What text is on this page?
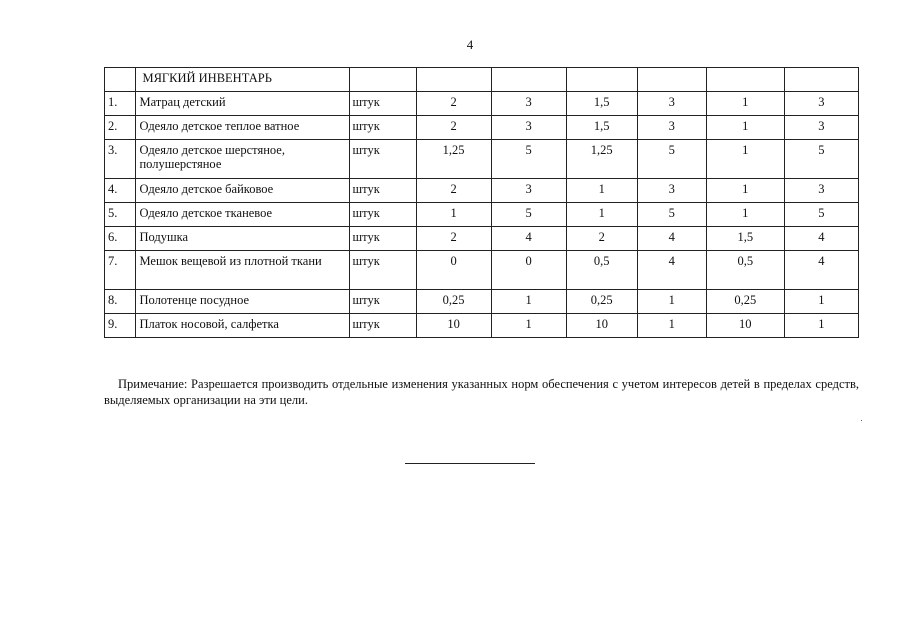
4
	МЯГКИЙ ИНВЕНТАРЬ							
1.	Матрац детский	штук	2	3	1,5	3	1	3
2.	Одеяло детское теплое ватное	штук	2	3	1,5	3	1	3
3.	Одеяло детское шерстяное, полушерстяное	штук	1,25	5	1,25	5	1	5
4.	Одеяло детское байковое	штук	2	3	1	3	1	3
5.	Одеяло детское тканевое	штук	1	5	1	5	1	5
6.	Подушка	штук	2	4	2	4	1,5	4
7.	Мешок вещевой из плотной ткани	штук	0	0	0,5	4	0,5	4
8.	Полотенце посудное	штук	0,25	1	0,25	1	0,25	1
9.	Платок носовой, салфетка	штук	10	1	10	1	10	1
Примечание: Разрешается производить отдельные изменения указанных норм обеспечения с учетом интересов детей в пределах средств, выделяемых организации на эти цели.
